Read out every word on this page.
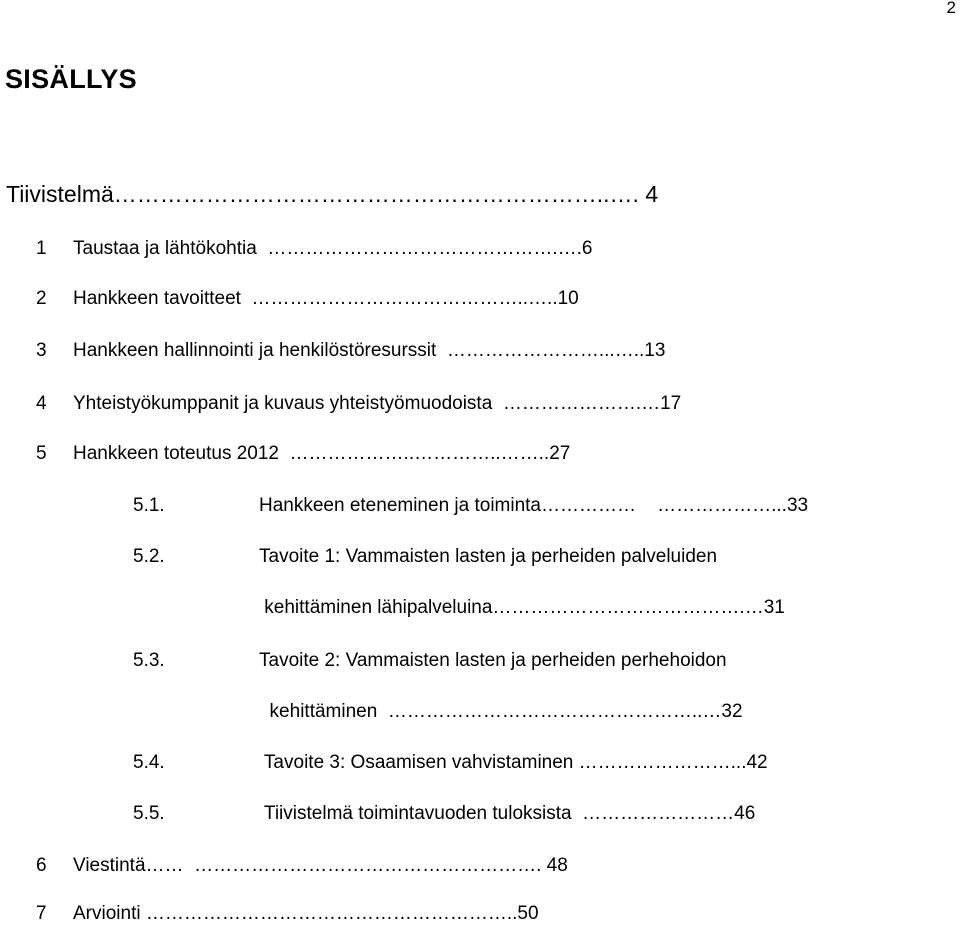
2
SISÄLLYS
Tiivistelmä………………………………………………………..…. 4
1 Taustaa ja lähtökohtia  ……………………………………….….6
2 Hankkeen tavoitteet  ……………………………………..…..10
3 Hankkeen hallinnointi ja henkilöstöresurssit  ……………………...…..13
4 Yhteistyökumppanit ja kuvaus yhteistyömuodoista  ………………….…17
5 Hankkeen toteutus 2012  ………………..…………..……..27
5.1.	Hankkeen eteneminen ja toiminta……………    ………………...33
5.2.	Tavoite 1: Vammaisten lasten ja perheiden palveluiden
kehittäminen lähipalveluina………………………………….…31
5.3.	Tavoite 2: Vammaisten lasten ja perheiden perhehoidon
kehittäminen  …………………………………………..…32
5.4.	Tavoite 3: Osaamisen vahvistaminen ……………………...42
5.5.	Tiivistelmä toimintavuoden tuloksista  ……………………46
6 Viestintä……  ………………………………………………. 48
7 Arviointi …………………………………………………..50
